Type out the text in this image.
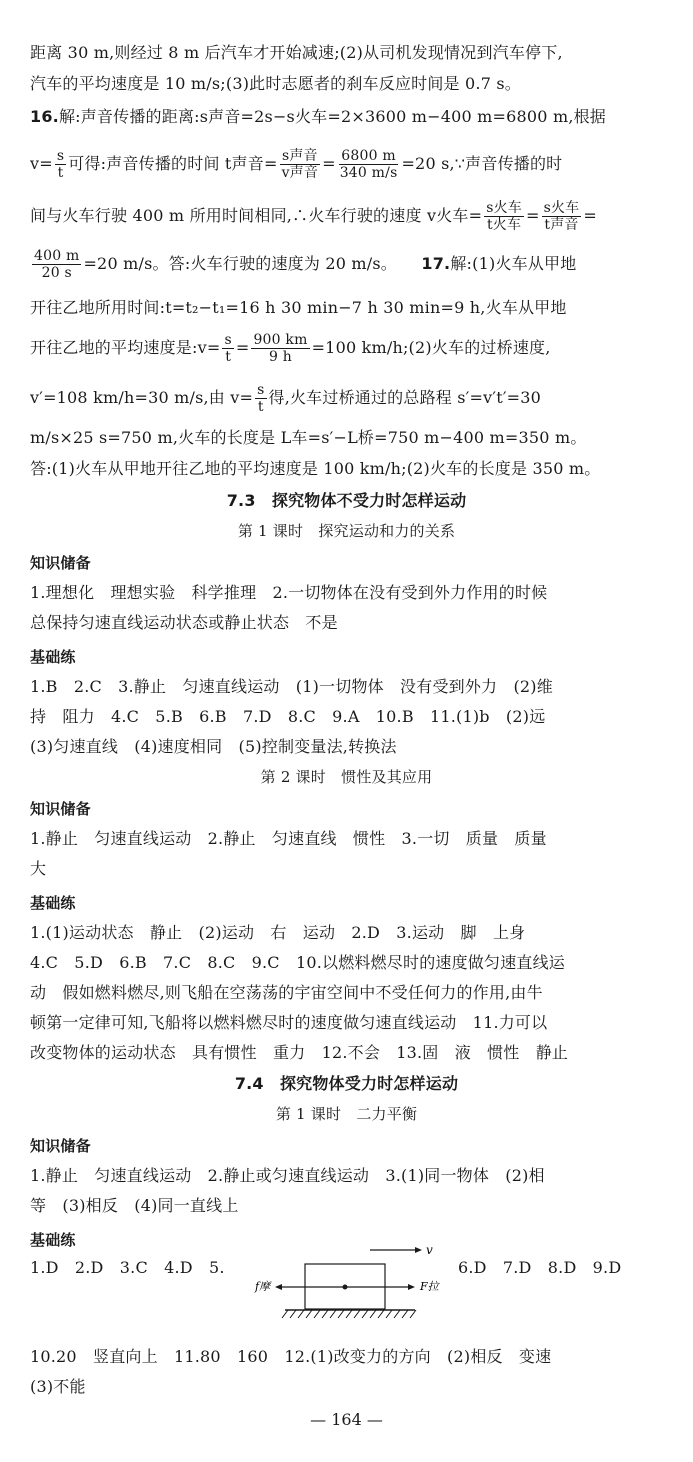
距离 30 m,则经过 8 m 后汽车才开始减速;(2)从司机发现情况到汽车停下,
汽车的平均速度是 10 m/s;(3)此时志愿者的刹车反应时间是 0.7 s。
16.解:声音传播的距离:s声音=2s−s火车=2×3600 m−400 m=6800 m,根据
$v= \frac{s}{t}$ 可得:声音传播的时间 t声音= $\frac{\text{s声音}}{\text{v声音}} = \frac{6800 m}{340 m/s} =20$ s,∵声音传播的时
间与火车行驶 400 m 所用时间相同,∴火车行驶的速度 v火车= $\frac{\text{s火车}}{\text{t火车}} = \frac{\text{s火车}}{\text{t声音}}$ =
$\frac{400 m}{20 s} =20$ m/s。答:火车行驶的速度为 20 m/s。　　 17.解:(1)火车从甲地
开往乙地所用时间:t=t₂−t₁=16 h 30 min−7 h 30 min=9 h,火车从甲地
开往乙地的平均速度是:v= $\frac{s}{t} = \frac{900 km}{9 h} =100$ km/h;(2)火车的过桥速度,
v′=108 km/h=30 m/s,由 $v= \frac{s}{t}$ 得,火车过桥通过的总路程 s′=v′t′=30
m/s×25 s=750 m,火车的长度是 L车=s′−L桥=750 m−400 m=350 m。
答:(1)火车从甲地开往乙地的平均速度是 100 km/h;(2)火车的长度是 350 m。
7.3　探究物体不受力时怎样运动
第 1 课时　探究运动和力的关系
知识储备
1.理想化　理想实验　科学推理　2.一切物体在没有受到外力作用的时候
总保持匀速直线运动状态或静止状态　不是
基础练
1.B　2.C　3.静止　匀速直线运动　(1)一切物体　没有受到外力　(2)维
持　阻力　4.C　5.B　6.B　7.D　8.C　9.A　10.B　11.(1)b　(2)远
(3)匀速直线　(4)速度相同　(5)控制变量法,转换法
第 2 课时　惯性及其应用
知识储备
1.静止　匀速直线运动　2.静止　匀速直线　惯性　3.一切　质量　质量
大
基础练
1.(1)运动状态　静止　(2)运动　右　运动　2.D　3.运动　脚　上身
4.C　5.D　6.B　7.C　8.C　9.C　10.以燃料燃尽时的速度做匀速直线运
动　假如燃料燃尽,则飞船在空荡荡的宇宙空间中不受任何力的作用,由牛
顿第一定律可知,飞船将以燃料燃尽时的速度做匀速直线运动　11.力可以
改变物体的运动状态　具有惯性　重力　12.不会　13.固　液　惯性　静止
7.4　探究物体受力时怎样运动
第 1 课时　二力平衡
知识储备
1.静止　匀速直线运动　2.静止或匀速直线运动　3.(1)同一物体　(2)相
等　(3)相反　(4)同一直线上
基础练
1.D　2.D　3.C　4.D　5.	6.D　7.D　8.D　9.D
v
f摩	F拉
10.20　竖直向上　11.80　160　12.(1)改变力的方向　(2)相反　变速
(3)不能
— 164 —
